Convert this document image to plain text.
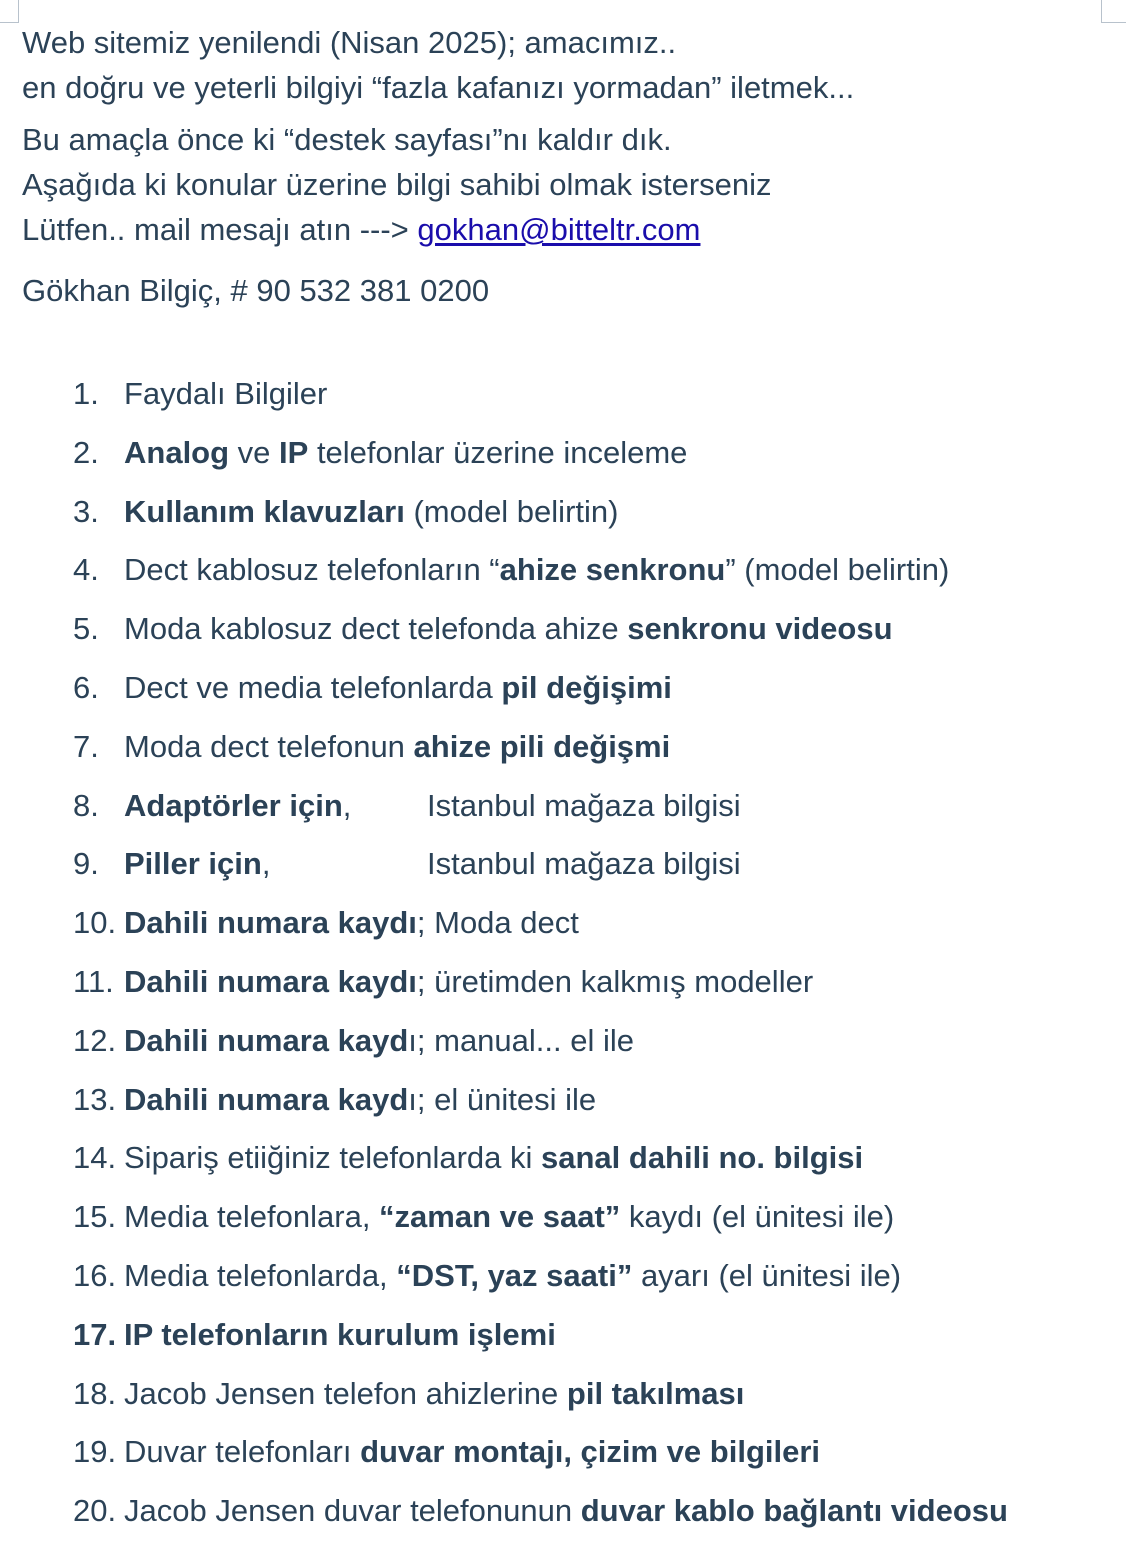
Web sitemiz yenilendi (Nisan 2025); amacımız..
en doğru ve yeterli bilgiyi “fazla kafanızı yormadan” iletmek...
Bu amaçla önce ki “destek sayfası”nı kaldır dık.
Aşağıda ki konular üzerine bilgi sahibi olmak isterseniz
Lütfen.. mail mesajı atın ---> gokhan@bitteltr.com
Gökhan Bilgiç, # 90 532 381 0200
1. Faydalı Bilgiler
2. Analog ve IP telefonlar üzerine inceleme
3. Kullanım klavuzları (model belirtin)
4. Dect kablosuz telefonların “ahize senkronu” (model belirtin)
5. Moda kablosuz dect telefonda ahize senkronu videosu
6. Dect ve media telefonlarda pil değişimi
7. Moda dect telefonun ahize pili değişmi
8. Adaptörler için, Istanbul mağaza bilgisi
9. Piller için,	Istanbul mağaza bilgisi
10. Dahili numara kaydı; Moda dect
11. Dahili numara kaydı; üretimden kalkmış modeller
12. Dahili numara kaydı; manual... el ile
13. Dahili numara kaydı; el ünitesi ile
14. Sipariş etiiğiniz telefonlarda ki sanal dahili no. bilgisi
15. Media telefonlara, “zaman ve saat” kaydı (el ünitesi ile)
16. Media telefonlarda, “DST, yaz saati” ayarı (el ünitesi ile)
17. IP telefonların kurulum işlemi
18. Jacob Jensen telefon ahizlerine pil takılması
19. Duvar telefonları duvar montajı, çizim ve bilgileri
20. Jacob Jensen duvar telefonunun duvar kablo bağlantı videosu
